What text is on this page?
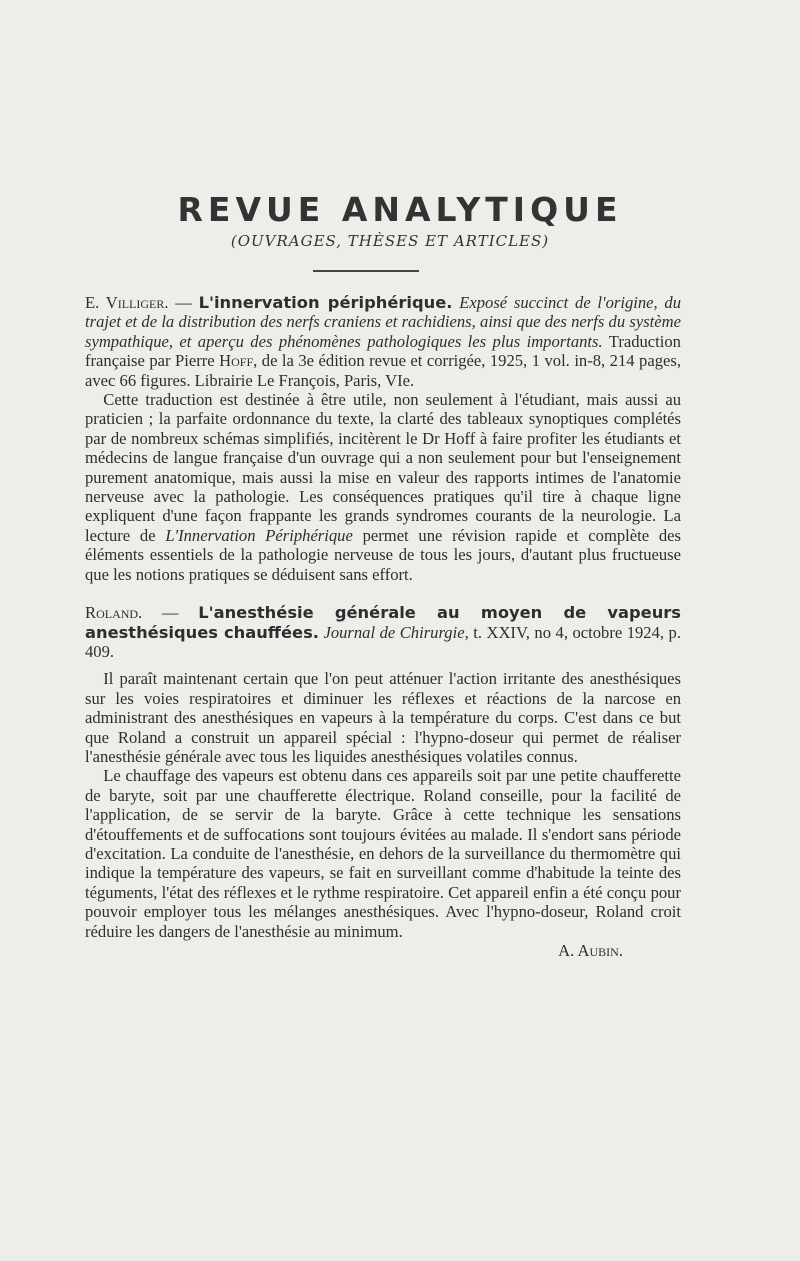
REVUE ANALYTIQUE
(OUVRAGES, THÈSES ET ARTICLES)

E. Villiger. — L'innervation périphérique. Exposé succinct de l'origine, du trajet et de la distribution des nerfs craniens et rachidiens, ainsi que des nerfs du système sympathique, et aperçu des phénomènes pathologiques les plus importants. Traduction française par Pierre Hoff, de la 3e édition revue et corrigée, 1925, 1 vol. in-8, 214 pages, avec 66 figures. Librairie Le François, Paris, VIe.

Cette traduction est destinée à être utile, non seulement à l'étudiant, mais aussi au praticien ; la parfaite ordonnance du texte, la clarté des tableaux synoptiques complétés par de nombreux schémas simplifiés, incitèrent le Dr Hoff à faire profiter les étudiants et médecins de langue française d'un ouvrage qui a non seulement pour but l'enseignement purement anatomique, mais aussi la mise en valeur des rapports intimes de l'anatomie nerveuse avec la pathologie. Les conséquences pratiques qu'il tire à chaque ligne expliquent d'une façon frappante les grands syndromes courants de la neurologie. La lecture de L'Innervation Périphérique permet une révision rapide et complète des éléments essentiels de la pathologie nerveuse de tous les jours, d'autant plus fructueuse que les notions pratiques se déduisent sans effort.

Roland. — L'anesthésie générale au moyen de vapeurs anesthésiques chauffées. Journal de Chirurgie, t. XXIV, no 4, octobre 1924, p. 409.

Il paraît maintenant certain que l'on peut atténuer l'action irritante des anesthésiques sur les voies respiratoires et diminuer les réflexes et réactions de la narcose en administrant des anesthésiques en vapeurs à la température du corps. C'est dans ce but que Roland a construit un appareil spécial : l'hypno-doseur qui permet de réaliser l'anesthésie générale avec tous les liquides anesthésiques volatiles connus.

Le chauffage des vapeurs est obtenu dans ces appareils soit par une petite chaufferette de baryte, soit par une chaufferette électrique. Roland conseille, pour la facilité de l'application, de se servir de la baryte. Grâce à cette technique les sensations d'étouffements et de suffocations sont toujours évitées au malade. Il s'endort sans période d'excitation. La conduite de l'anesthésie, en dehors de la surveillance du thermomètre qui indique la température des vapeurs, se fait en surveillant comme d'habitude la teinte des téguments, l'état des réflexes et le rythme respiratoire. Cet appareil enfin a été conçu pour pouvoir employer tous les mélanges anesthésiques. Avec l'hypno-doseur, Roland croit réduire les dangers de l'anesthésie au minimum.

A. Aubin.
